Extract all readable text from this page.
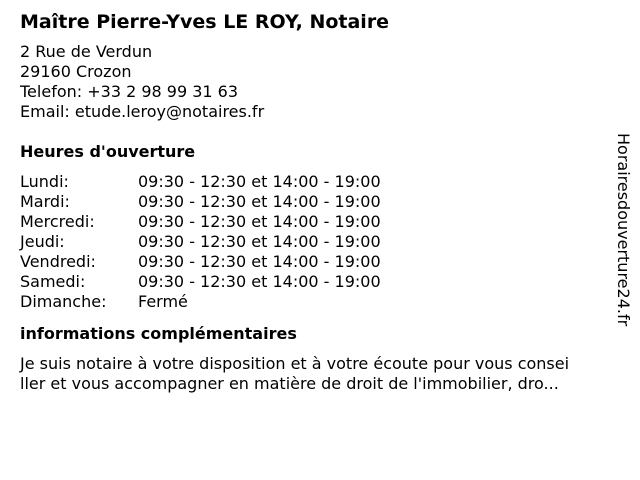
Maître Pierre-Yves LE ROY, Notaire
2 Rue de Verdun
29160 Crozon
Telefon: +33 2 98 99 31 63
Email: etude.leroy@notaires.fr
Heures d'ouverture
Lundi:	09:30 - 12:30 et 14:00 - 19:00
Mardi:	09:30 - 12:30 et 14:00 - 19:00
Mercredi:	09:30 - 12:30 et 14:00 - 19:00
Jeudi:	09:30 - 12:30 et 14:00 - 19:00
Vendredi:	09:30 - 12:30 et 14:00 - 19:00
Samedi:	09:30 - 12:30 et 14:00 - 19:00
Dimanche:	Fermé
informations complémentaires
Je suis notaire à votre disposition et à votre écoute pour vous consei
ller et vous accompagner en matière de droit de l'immobilier, dro...
Horairesdouverture24.fr
